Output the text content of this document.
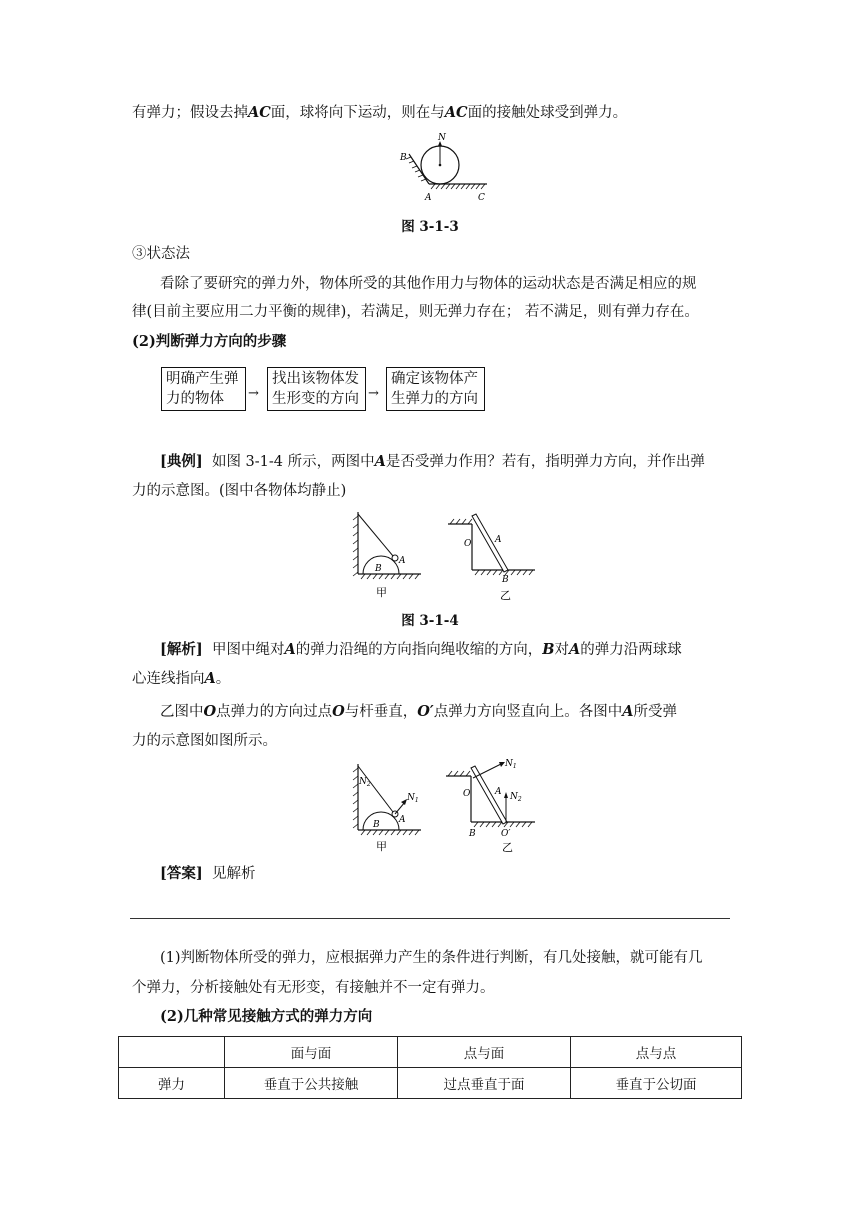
有弹力；假设去掉AC面，球将向下运动，则在与AC面的接触处球受到弹力。

N
B
A	C
图 3-1-3

③状态法

看除了要研究的弹力外，物体所受的其他作用力与物体的运动状态是否满足相应的规

律(目前主要应用二力平衡的规律)，若满足，则无弹力存在； 若不满足，则有弹力存在。

(2)判断弹力方向的步骤

明确产生弹
力的物体	→
找出该物体发
生形变的方向 →
确定该物体产
生弹力的方向

[典例] 如图 3-1-4 所示，两图中A是否受弹力作用？若有，指明弹力方向，并作出弹

力的示意图。(图中各物体均静止)

A
B
甲
O	A
B
乙
图 3-1-4

[解析] 甲图中绳对A的弹力沿绳的方向指向绳收缩的方向，B对A的弹力沿两球球

心连线指向A。

乙图中O点弹力的方向过点O与杆垂直，O′点弹力方向竖直向上。各图中A所受弹

力的示意图如图所示。

$N_2$
$N_1$
A
B
甲
$N_1$
$N_2$
O	A
B	O′
乙

[答案] 见解析

(1)判断物体所受的弹力，应根据弹力产生的条件进行判断，有几处接触，就可能有几

个弹力，分析接触处有无形变，有接触并不一定有弹力。

(2)几种常见接触方式的弹力方向

	面与面	点与面	点与点
弹力	垂直于公共接触	过点垂直于面	垂直于公切面
